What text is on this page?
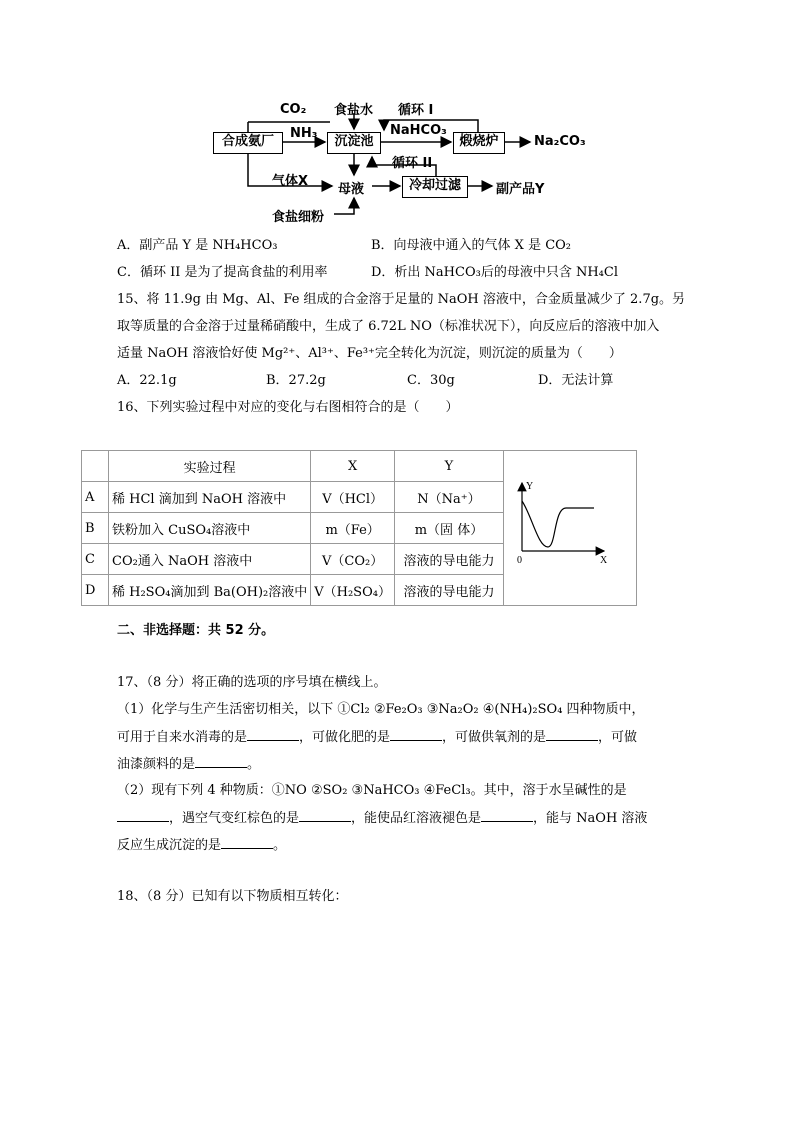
CO₂ 食盐水 循环 I
NH₃
合成氨厂	沉淀池
NaHCO₃
煅烧炉	Na₂CO₃
循环 II
气体X
母液	冷却过滤	副产品Y
食盐细粉
A．副产品 Y 是 NH₄HCO₃	B．向母液中通入的气体 X 是 CO₂
C．循环 II 是为了提高食盐的利用率	D．析出 NaHCO₃后的母液中只含 NH₄Cl
15、将 11.9g 由 Mg、Al、Fe 组成的合金溶于足量的 NaOH 溶液中，合金质量减少了 2.7g。另
取等质量的合金溶于过量稀硝酸中，生成了 6.72L NO（标准状况下），向反应后的溶液中加入
适量 NaOH 溶液恰好使 Mg²⁺、Al³⁺、Fe³⁺完全转化为沉淀，则沉淀的质量为（　　）
A．22.1g	B．27.2g	C．30g	D．无法计算
16、下列实验过程中对应的变化与右图相符合的是（　　）
	实验过程	X	Y	Y
X
0

A	稀 HCl 滴加到 NaOH 溶液中	V（HCl）	N（Na⁺）	
B	铁粉加入 CuSO₄溶液中	m（Fe）	m（固 体）	
C	CO₂通入 NaOH 溶液中	V（CO₂）	溶液的导电能力	
D	稀 H₂SO₄滴加到 Ba(OH)₂溶液中	V（H₂SO₄）	溶液的导电能力	
二、非选择题：共 52 分。
17、（8 分）将正确的选项的序号填在横线上。
（1）化学与生产生活密切相关，以下 ①Cl₂ ②Fe₂O₃ ③Na₂O₂ ④(NH₄)₂SO₄ 四种物质中，
可用于自来水消毒的是	，可做化肥的是	，可做供氧剂的是	，可做
油漆颜料的是	。
（2）现有下列 4 种物质：①NO ②SO₂ ③NaHCO₃ ④FeCl₃。其中，溶于水呈碱性的是
，遇空气变红棕色的是	，能使品红溶液褪色是	，能与 NaOH 溶液
反应生成沉淀的是	。
18、（8 分）已知有以下物质相互转化：
